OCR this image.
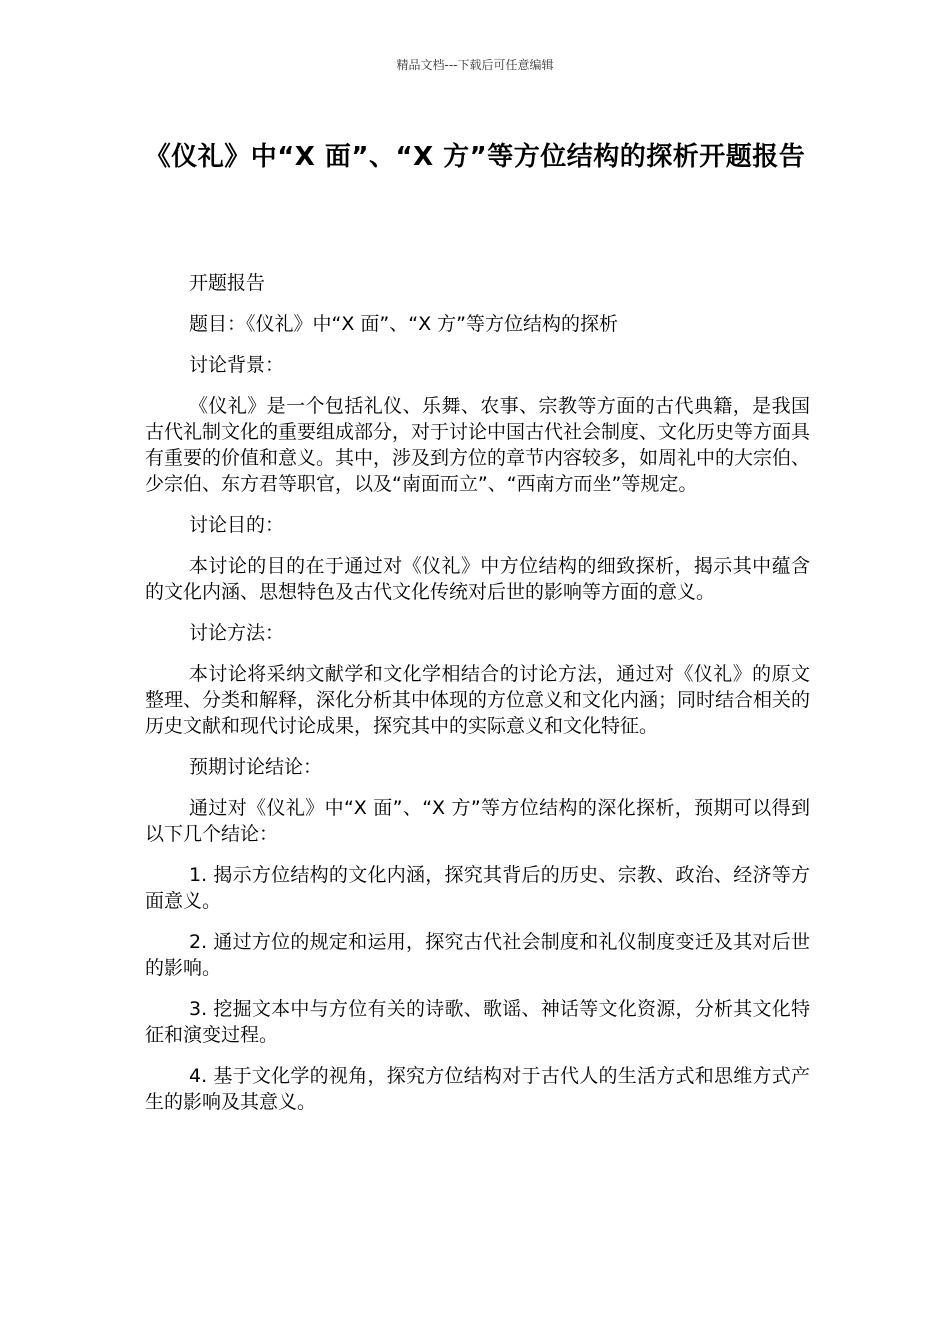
精品文档---下载后可任意编辑
《仪礼》中“X 面”、“X 方”等方位结构的探析开题报告

开题报告

题目：《仪礼》中“X 面”、“X 方”等方位结构的探析

讨论背景：

《仪礼》是一个包括礼仪、乐舞、农事、宗教等方面的古代典籍，是我国古代礼制文化的重要组成部分，对于讨论中国古代社会制度、文化历史等方面具有重要的价值和意义。其中，涉及到方位的章节内容较多，如周礼中的大宗伯、少宗伯、东方君等职官，以及“南面而立”、“西南方而坐”等规定。

讨论目的：

本讨论的目的在于通过对《仪礼》中方位结构的细致探析，揭示其中蕴含的文化内涵、思想特色及古代文化传统对后世的影响等方面的意义。

讨论方法：

本讨论将采纳文献学和文化学相结合的讨论方法，通过对《仪礼》的原文整理、分类和解释，深化分析其中体现的方位意义和文化内涵；同时结合相关的历史文献和现代讨论成果，探究其中的实际意义和文化特征。

预期讨论结论：

通过对《仪礼》中“X 面”、“X 方”等方位结构的深化探析，预期可以得到以下几个结论：

1. 揭示方位结构的文化内涵，探究其背后的历史、宗教、政治、经济等方面意义。

2. 通过方位的规定和运用，探究古代社会制度和礼仪制度变迁及其对后世的影响。

3. 挖掘文本中与方位有关的诗歌、歌谣、神话等文化资源，分析其文化特征和演变过程。

4. 基于文化学的视角，探究方位结构对于古代人的生活方式和思维方式产生的影响及其意义。
